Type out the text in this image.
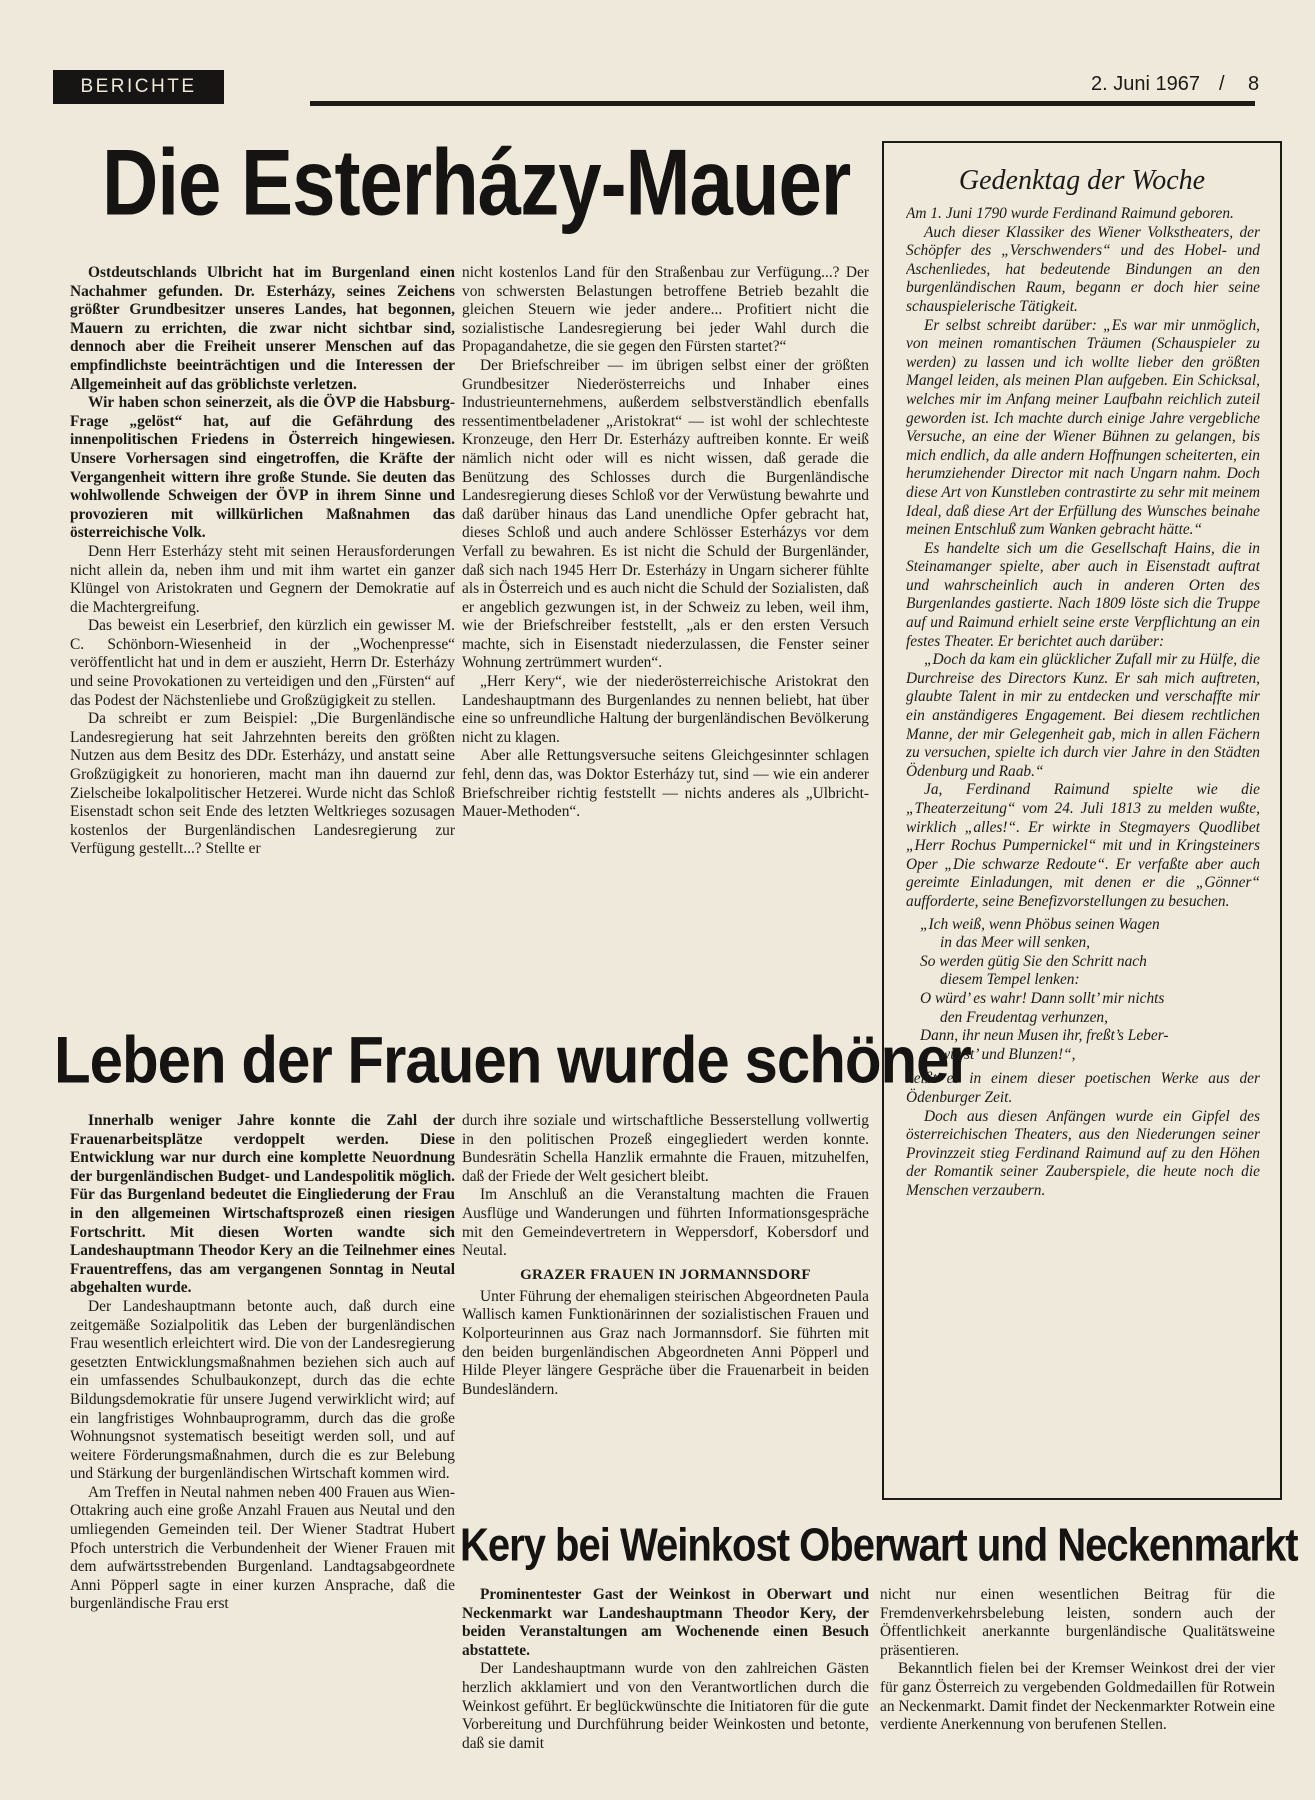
BERICHTE	2. Juni 1967 / 8
Die Esterházy-Mauer

Ostdeutschlands Ulbricht hat im Burgenland einen Nachahmer gefunden. Dr. Esterházy, seines Zeichens größter Grundbesitzer unseres Landes, hat begonnen, Mauern zu errichten, die zwar nicht sichtbar sind, dennoch aber die Freiheit unserer Menschen auf das empfindlichste beeinträchtigen und die Interessen der Allgemeinheit auf das gröblichste verletzen.

Wir haben schon seinerzeit, als die ÖVP die Habsburg-Frage „gelöst“ hat, auf die Gefährdung des innenpolitischen Friedens in Österreich hingewiesen. Unsere Vorhersagen sind eingetroffen, die Kräfte der Vergangenheit wittern ihre große Stunde. Sie deuten das wohlwollende Schweigen der ÖVP in ihrem Sinne und provozieren mit willkürlichen Maßnahmen das österreichische Volk.

Denn Herr Esterházy steht mit seinen Herausforderungen nicht allein da, neben ihm und mit ihm wartet ein ganzer Klüngel von Aristokraten und Gegnern der Demokratie auf die Machtergreifung.

Das beweist ein Leserbrief, den kürzlich ein gewisser M. C. Schönborn-Wiesenheid in der „Wochenpresse“ veröffentlicht hat und in dem er auszieht, Herrn Dr. Esterházy und seine Provokationen zu verteidigen und den „Fürsten“ auf das Podest der Nächstenliebe und Großzügigkeit zu stellen.

Da schreibt er zum Beispiel: „Die Burgenländische Landesregierung hat seit Jahrzehnten bereits den größten Nutzen aus dem Besitz des DDr. Esterházy, und anstatt seine Großzügigkeit zu honorieren, macht man ihn dauernd zur Zielscheibe lokalpolitischer Hetzerei. Wurde nicht das Schloß Eisenstadt schon seit Ende des letzten Weltkrieges sozusagen kostenlos der Burgenländischen Landesregierung zur Verfügung gestellt...? Stellte er

nicht kostenlos Land für den Straßenbau zur Verfügung...? Der von schwersten Belastungen betroffene Betrieb bezahlt die gleichen Steuern wie jeder andere... Profitiert nicht die sozialistische Landesregierung bei jeder Wahl durch die Propagandahetze, die sie gegen den Fürsten startet?“

Der Briefschreiber — im übrigen selbst einer der größten Grundbesitzer Niederösterreichs und Inhaber eines Industrieunternehmens, außerdem selbstverständlich ebenfalls ressentimentbeladener „Aristokrat“ — ist wohl der schlechteste Kronzeuge, den Herr Dr. Esterházy auftreiben konnte. Er weiß nämlich nicht oder will es nicht wissen, daß gerade die Benützung des Schlosses durch die Burgenländische Landesregierung dieses Schloß vor der Verwüstung bewahrte und daß darüber hinaus das Land unendliche Opfer gebracht hat, dieses Schloß und auch andere Schlösser Esterházys vor dem Verfall zu bewahren. Es ist nicht die Schuld der Burgenländer, daß sich nach 1945 Herr Dr. Esterházy in Ungarn sicherer fühlte als in Österreich und es auch nicht die Schuld der Sozialisten, daß er angeblich gezwungen ist, in der Schweiz zu leben, weil ihm, wie der Briefschreiber feststellt, „als er den ersten Versuch machte, sich in Eisenstadt niederzulassen, die Fenster seiner Wohnung zertrümmert wurden“.

„Herr Kery“, wie der niederösterreichische Aristokrat den Landeshauptmann des Burgenlandes zu nennen beliebt, hat über eine so unfreundliche Haltung der burgenländischen Bevölkerung nicht zu klagen.

Aber alle Rettungsversuche seitens Gleichgesinnter schlagen fehl, denn das, was Doktor Esterházy tut, sind — wie ein anderer Briefschreiber richtig feststellt — nichts anderes als „Ulbricht-Mauer-Methoden“.

Leben der Frauen wurde schöner

Innerhalb weniger Jahre konnte die Zahl der Frauenarbeitsplätze verdoppelt werden. Diese Entwicklung war nur durch eine komplette Neuordnung der burgenländischen Budget- und Landespolitik möglich. Für das Burgenland bedeutet die Eingliederung der Frau in den allgemeinen Wirtschaftsprozeß einen riesigen Fortschritt. Mit diesen Worten wandte sich Landeshauptmann Theodor Kery an die Teilnehmer eines Frauentreffens, das am vergangenen Sonntag in Neutal abgehalten wurde.

Der Landeshauptmann betonte auch, daß durch eine zeitgemäße Sozialpolitik das Leben der burgenländischen Frau wesentlich erleichtert wird. Die von der Landesregierung gesetzten Entwicklungsmaßnahmen beziehen sich auch auf ein umfassendes Schulbaukonzept, durch das die echte Bildungsdemokratie für unsere Jugend verwirklicht wird; auf ein langfristiges Wohnbauprogramm, durch das die große Wohnungsnot systematisch beseitigt werden soll, und auf weitere Förderungsmaßnahmen, durch die es zur Belebung und Stärkung der burgenländischen Wirtschaft kommen wird.

Am Treffen in Neutal nahmen neben 400 Frauen aus Wien-Ottakring auch eine große Anzahl Frauen aus Neutal und den umliegenden Gemeinden teil. Der Wiener Stadtrat Hubert Pfoch unterstrich die Verbundenheit der Wiener Frauen mit dem aufwärtsstrebenden Burgenland. Landtagsabgeordnete Anni Pöpperl sagte in einer kurzen Ansprache, daß die burgenländische Frau erst

durch ihre soziale und wirtschaftliche Besserstellung vollwertig in den politischen Prozeß eingegliedert werden konnte. Bundesrätin Schella Hanzlik ermahnte die Frauen, mitzuhelfen, daß der Friede der Welt gesichert bleibt.

Im Anschluß an die Veranstaltung machten die Frauen Ausflüge und Wanderungen und führten Informationsgespräche mit den Gemeindevertretern in Weppersdorf, Kobersdorf und Neutal.

GRAZER FRAUEN IN JORMANNSDORF

Unter Führung der ehemaligen steirischen Abgeordneten Paula Wallisch kamen Funktionärinnen der sozialistischen Frauen und Kolporteurinnen aus Graz nach Jormannsdorf. Sie führten mit den beiden burgenländischen Abgeordneten Anni Pöpperl und Hilde Pleyer längere Gespräche über die Frauenarbeit in beiden Bundesländern.

Gedenktag der Woche

Am 1. Juni 1790 wurde Ferdinand Raimund geboren.

Auch dieser Klassiker des Wiener Volkstheaters, der Schöpfer des „Verschwenders“ und des Hobel- und Aschenliedes, hat bedeutende Bindungen an den burgenländischen Raum, begann er doch hier seine schauspielerische Tätigkeit.

Er selbst schreibt darüber: „Es war mir unmöglich, von meinen romantischen Träumen (Schauspieler zu werden) zu lassen und ich wollte lieber den größten Mangel leiden, als meinen Plan aufgeben. Ein Schicksal, welches mir im Anfang meiner Laufbahn reichlich zuteil geworden ist. Ich machte durch einige Jahre vergebliche Versuche, an eine der Wiener Bühnen zu gelangen, bis mich endlich, da alle andern Hoffnungen scheiterten, ein herumziehender Director mit nach Ungarn nahm. Doch diese Art von Kunstleben contrastirte zu sehr mit meinem Ideal, daß diese Art der Erfüllung des Wunsches beinahe meinen Entschluß zum Wanken gebracht hätte.“

Es handelte sich um die Gesellschaft Hains, die in Steinamanger spielte, aber auch in Eisenstadt auftrat und wahrscheinlich auch in anderen Orten des Burgenlandes gastierte. Nach 1809 löste sich die Truppe auf und Raimund erhielt seine erste Verpflichtung an ein festes Theater. Er berichtet auch darüber:

„Doch da kam ein glücklicher Zufall mir zu Hülfe, die Durchreise des Directors Kunz. Er sah mich auftreten, glaubte Talent in mir zu entdecken und verschaffte mir ein anständigeres Engagement. Bei diesem rechtlichen Manne, der mir Gelegenheit gab, mich in allen Fächern zu versuchen, spielte ich durch vier Jahre in den Städten Ödenburg und Raab.“

Ja, Ferdinand Raimund spielte wie die „Theaterzeitung“ vom 24. Juli 1813 zu melden wußte, wirklich „alles!“. Er wirkte in Stegmayers Quodlibet „Herr Rochus Pumpernickel“ mit und in Kringsteiners Oper „Die schwarze Redoute“. Er verfaßte aber auch gereimte Einladungen, mit denen er die „Gönner“ aufforderte, seine Benefizvorstellungen zu besuchen.

„Ich weiß, wenn Phöbus seinen Wagen

in das Meer will senken,

So werden gütig Sie den Schritt nach

diesem Tempel lenken:

O würd’ es wahr! Dann sollt’ mir nichts

den Freudentag verhunzen,

Dann, ihr neun Musen ihr, freßt’s Leber-

würst’ und Blunzen!“,

heißt es in einem dieser poetischen Werke aus der Ödenburger Zeit.

Doch aus diesen Anfängen wurde ein Gipfel des österreichischen Theaters, aus den Niederungen seiner Provinzzeit stieg Ferdinand Raimund auf zu den Höhen der Romantik seiner Zauberspiele, die heute noch die Menschen verzaubern.

Kery bei Weinkost Oberwart und Neckenmarkt

Prominentester Gast der Weinkost in Oberwart und Neckenmarkt war Landeshauptmann Theodor Kery, der beiden Veranstaltungen am Wochenende einen Besuch abstattete.

Der Landeshauptmann wurde von den zahlreichen Gästen herzlich akklamiert und von den Verantwortlichen durch die Weinkost geführt. Er beglückwünschte die Initiatoren für die gute Vorbereitung und Durchführung beider Weinkosten und betonte, daß sie damit

nicht nur einen wesentlichen Beitrag für die Fremdenverkehrsbelebung leisten, sondern auch der Öffentlichkeit anerkannte burgenländische Qualitätsweine präsentieren.

Bekanntlich fielen bei der Kremser Weinkost drei der vier für ganz Österreich zu vergebenden Goldmedaillen für Rotwein an Neckenmarkt. Damit findet der Neckenmarkter Rotwein eine verdiente Anerkennung von berufenen Stellen.
